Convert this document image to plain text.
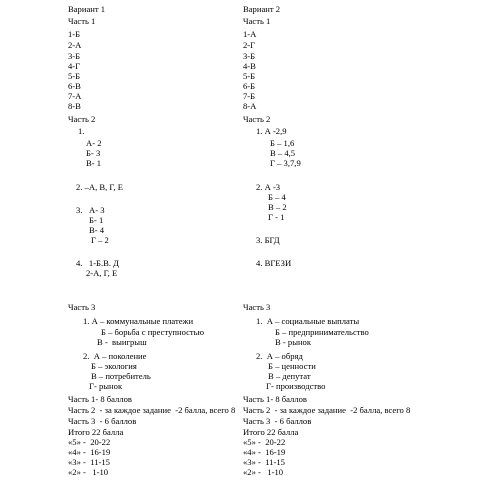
Вариант 1
Часть 1
1-Б
2-А
3-Б
4-Г
5-Б
6-В
7-А
8-В
Часть 2
1.
А- 2
Б- 3
В- 1
2. –А, В, Г, Е
3. А- 3
Б- 1
В- 4
Г – 2
4.   1-Б.В. Д
2-А, Г, Е
Часть 3
1. А – коммунальные платежи
Б – борьба с преступностью
В -  выигрыш
2.  А – поколение
Б – экология
В – потребитель
Г- рынок
Часть 1- 8 баллов
Часть 2  - за каждое задание  -2 балла, всего 8
Часть 3  - 6 баллов
Итого 22 балла
«5» -  20-22
«4» -  16-19
«3» -  11-15
«2» -   1-10
Вариант 2
Часть 1
1-А
2-Г
3-Б
4-В
5-Б
6-Б
7-Б
8-А
Часть 2
1. А -2,9
Б – 1,6
В – 4,5
Г – 3,7,9
2. А -3
Б – 4
В – 2
Г - 1
3. БГД
4. ВГЕЗИ
Часть 3
1.  А – социальные выплаты
Б – предпринимательство
В - рынок
2.  А – обряд
Б – ценности
В – депутат
Г- производство
Часть 1- 8 баллов
Часть 2  - за каждое задание  -2 балла, всего 8
Часть 3  - 6 баллов
Итого 22 балла
«5» -  20-22
«4» -  16-19
«3» -  11-15
«2» -   1-10
